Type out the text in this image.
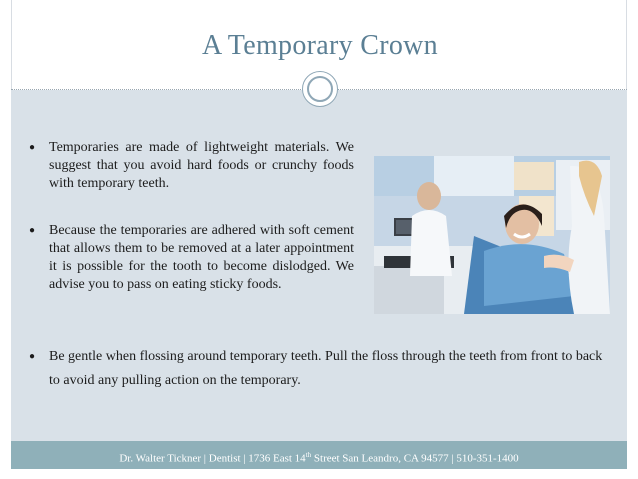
A Temporary Crown
● Temporaries are made of lightweight materials. We suggest that you avoid hard foods or crunchy foods with temporary teeth.
● Because the temporaries are adhered with soft cement that allows them to be removed at a later appointment it is possible for the tooth to become dislodged. We advise you to pass on eating sticky foods.
● Be gentle when flossing around temporary teeth. Pull the floss through the teeth from front to back to avoid any pulling action on the temporary.
Dr. Walter Tickner | Dentist | 1736 East 14th Street San Leandro, CA 94577 | 510-351-1400
